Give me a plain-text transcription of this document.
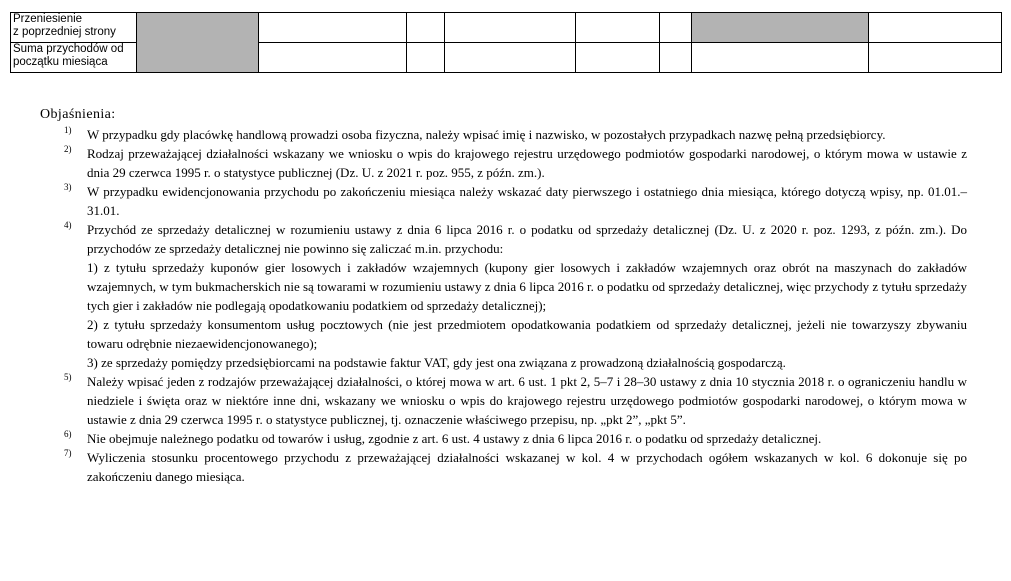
Przeniesienie
z poprzedniej strony								

Suma przychodów od
początku miesiąca								

Objaśnienia:
1) W przypadku gdy placówkę handlową prowadzi osoba fizyczna, należy wpisać imię i nazwisko, w pozostałych przypadkach nazwę pełną przedsiębiorcy.

2) Rodzaj przeważającej działalności wskazany we wniosku o wpis do krajowego rejestru urzędowego podmiotów gospodarki narodowej, o którym mowa w ustawie z dnia 29 czerwca 1995 r. o statystyce publicznej (Dz. U. z 2021 r. poz. 955, z późn. zm.).

3) W przypadku ewidencjonowania przychodu po zakończeniu miesiąca należy wskazać daty pierwszego i ostatniego dnia miesiąca, którego dotyczą wpisy, np. 01.01.–31.01.

4) Przychód ze sprzedaży detalicznej w rozumieniu ustawy z dnia 6 lipca 2016 r. o podatku od sprzedaży detalicznej (Dz. U. z 2020 r. poz. 1293, z późn. zm.). Do przychodów ze sprzedaży detalicznej nie powinno się zaliczać m.in. przychodu:

1) z tytułu sprzedaży kuponów gier losowych i zakładów wzajemnych (kupony gier losowych i zakładów wzajemnych oraz obrót na maszynach do zakładów wzajemnych, w tym bukmacherskich nie są towarami w rozumieniu ustawy z dnia 6 lipca 2016 r. o podatku od sprzedaży detalicznej, więc przychody z tytułu sprzedaży tych gier i zakładów nie podlegają opodatkowaniu podatkiem od sprzedaży detalicznej);

2) z tytułu sprzedaży konsumentom usług pocztowych (nie jest przedmiotem opodatkowania podatkiem od sprzedaży detalicznej, jeżeli nie towarzyszy zbywaniu towaru odrębnie niezaewidencjonowanego);

3) ze sprzedaży pomiędzy przedsiębiorcami na podstawie faktur VAT, gdy jest ona związana z prowadzoną działalnością gospodarczą.

5) Należy wpisać jeden z rodzajów przeważającej działalności, o której mowa w art. 6 ust. 1 pkt 2, 5–7 i 28–30 ustawy z dnia 10 stycznia 2018 r. o ograniczeniu handlu w niedziele i święta oraz w niektóre inne dni, wskazany we wniosku o wpis do krajowego rejestru urzędowego podmiotów gospodarki narodowej, o którym mowa w ustawie z dnia 29 czerwca 1995 r. o statystyce publicznej, tj. oznaczenie właściwego przepisu, np. „pkt 2”, „pkt 5”.

6) Nie obejmuje należnego podatku od towarów i usług, zgodnie z art. 6 ust. 4 ustawy z dnia 6 lipca 2016 r. o podatku od sprzedaży detalicznej.

7) Wyliczenia stosunku procentowego przychodu z przeważającej działalności wskazanej w kol. 4 w przychodach ogółem wskazanych w kol. 6 dokonuje się po zakończeniu danego miesiąca.
